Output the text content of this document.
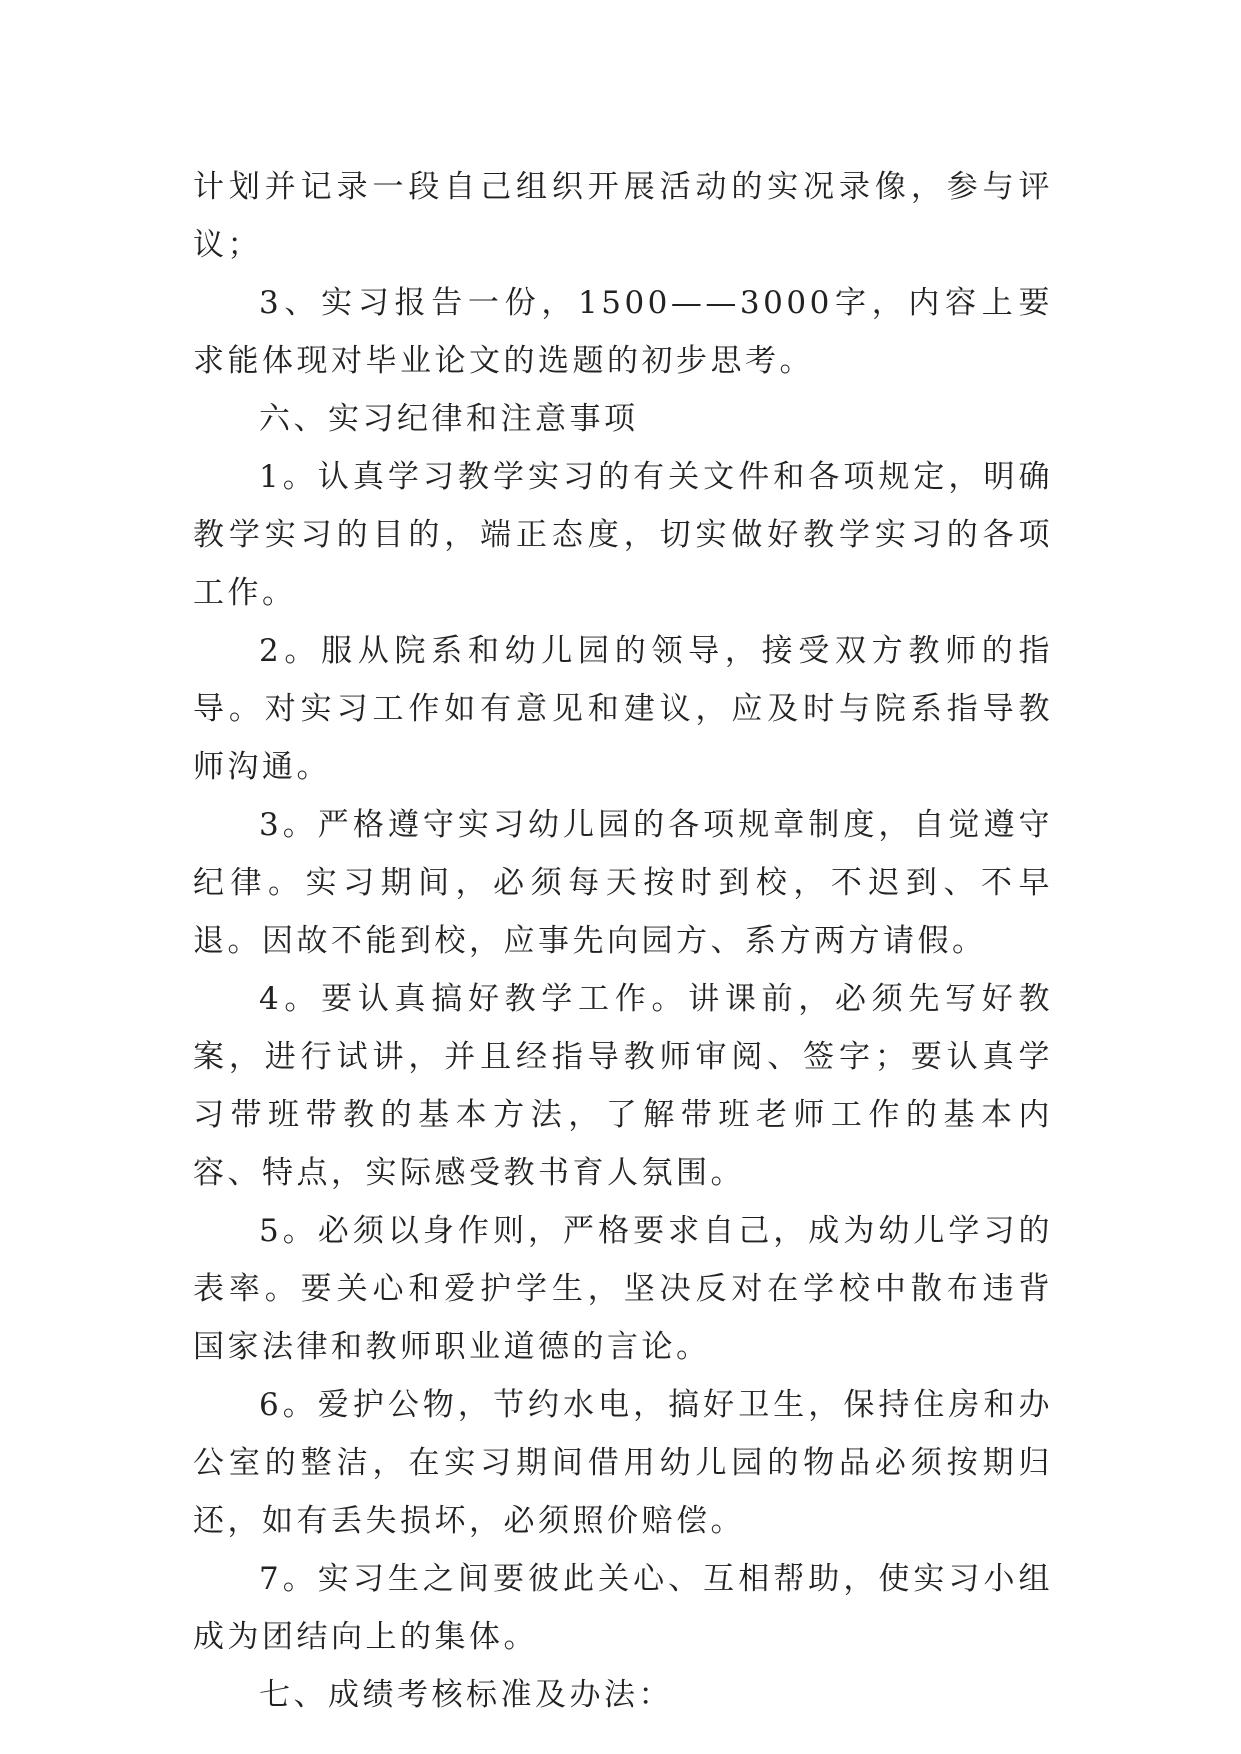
计划并记录一段自己组织开展活动的实况录像，参与评议；

3、实习报告一份，1500——3000字，内容上要求能体现对毕业论文的选题的初步思考。

六、实习纪律和注意事项

1。认真学习教学实习的有关文件和各项规定，明确教学实习的目的，端正态度，切实做好教学实习的各项工作。

2。服从院系和幼儿园的领导，接受双方教师的指导。对实习工作如有意见和建议，应及时与院系指导教师沟通。

3。严格遵守实习幼儿园的各项规章制度，自觉遵守纪律。实习期间，必须每天按时到校，不迟到、不早退。因故不能到校，应事先向园方、系方两方请假。

4。要认真搞好教学工作。讲课前，必须先写好教案，进行试讲，并且经指导教师审阅、签字；要认真学习带班带教的基本方法，了解带班老师工作的基本内容、特点，实际感受教书育人氛围。

5。必须以身作则，严格要求自己，成为幼儿学习的表率。要关心和爱护学生，坚决反对在学校中散布违背国家法律和教师职业道德的言论。

6。爱护公物，节约水电，搞好卫生，保持住房和办公室的整洁，在实习期间借用幼儿园的物品必须按期归还，如有丢失损坏，必须照价赔偿。

7。实习生之间要彼此关心、互相帮助，使实习小组成为团结向上的集体。

七、成绩考核标准及办法：
